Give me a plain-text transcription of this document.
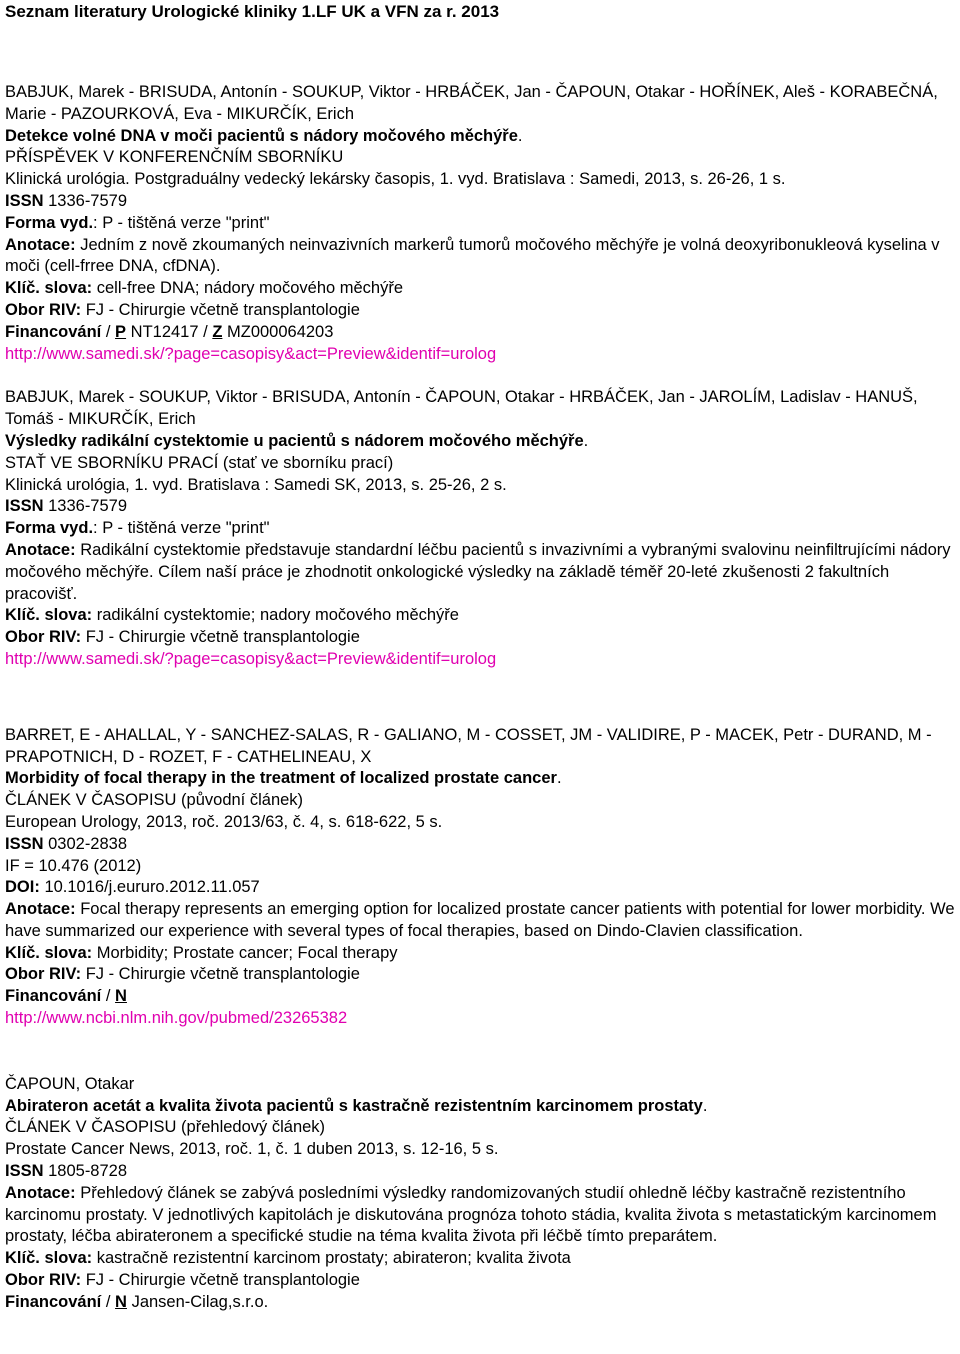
Seznam literatury Urologické kliniky 1.LF UK a VFN za r. 2013
BABJUK, Marek - BRISUDA, Antonín - SOUKUP, Viktor - HRBÁČEK, Jan - ČAPOUN, Otakar - HOŘÍNEK, Aleš - KORABEČNÁ, Marie - PAZOURKOVÁ, Eva - MIKURČÍK, Erich
Detekce volné DNA v moči pacientů s nádory močového měchýře.
PŘÍSPĚVEK V KONFERENČNÍM SBORNÍKU
Klinická urológia. Postgraduálny vedecký lekársky časopis, 1. vyd. Bratislava : Samedi, 2013, s. 26-26, 1 s.
ISSN 1336-7579
Forma vyd.: P - tištěná verze "print"
Anotace: Jedním z nově zkoumaných neinvazivních markerů tumorů močového měchýře je volná deoxyribonukleová kyselina v moči (cell-frree DNA, cfDNA).
Klíč. slova: cell-free DNA; nádory močového měchýře
Obor RIV: FJ - Chirurgie včetně transplantologie
Financování / P NT12417 / Z MZ000064203
http://www.samedi.sk/?page=casopisy&act=Preview&identif=urolog
BABJUK, Marek - SOUKUP, Viktor - BRISUDA, Antonín - ČAPOUN, Otakar - HRBÁČEK, Jan - JAROLÍM, Ladislav - HANUŠ, Tomáš - MIKURČÍK, Erich
Výsledky radikální cystektomie u pacientů s nádorem močového měchýře.
STAŤ VE SBORNÍKU PRACÍ (stať ve sborníku prací)
Klinická urológia, 1. vyd. Bratislava : Samedi SK, 2013, s. 25-26, 2 s.
ISSN 1336-7579
Forma vyd.: P - tištěná verze "print"
Anotace: Radikální cystektomie představuje standardní léčbu pacientů s invazivními a vybranými svalovinu neinfiltrujícími nádory močového měchýře. Cílem naší práce je zhodnotit onkologické výsledky na základě téměř 20-leté zkušenosti 2 fakultních pracovišť.
Klíč. slova: radikální cystektomie; nadory močového měchýře
Obor RIV: FJ - Chirurgie včetně transplantologie
http://www.samedi.sk/?page=casopisy&act=Preview&identif=urolog
BARRET, E - AHALLAL, Y - SANCHEZ-SALAS, R - GALIANO, M - COSSET, JM - VALIDIRE, P - MACEK, Petr - DURAND, M - PRAPOTNICH, D - ROZET, F - CATHELINEAU, X
Morbidity of focal therapy in the treatment of localized prostate cancer.
ČLÁNEK V ČASOPISU (původní článek)
European Urology, 2013, roč. 2013/63, č. 4, s. 618-622, 5 s.
ISSN 0302-2838
IF = 10.476 (2012)
DOI: 10.1016/j.eururo.2012.11.057
Anotace: Focal therapy represents an emerging option for localized prostate cancer patients with potential for lower morbidity. We have summarized our experience with several types of focal therapies, based on Dindo-Clavien classification.
Klíč. slova: Morbidity; Prostate cancer; Focal therapy
Obor RIV: FJ - Chirurgie včetně transplantologie
Financování / N
http://www.ncbi.nlm.nih.gov/pubmed/23265382
ČAPOUN, Otakar
Abirateron acetát a kvalita života pacientů s kastračně rezistentním karcinomem prostaty.
ČLÁNEK V ČASOPISU (přehledový článek)
Prostate Cancer News, 2013, roč. 1, č. 1 duben 2013, s. 12-16, 5 s.
ISSN 1805-8728
Anotace: Přehledový článek se zabývá posledními výsledky randomizovaných studií ohledně léčby kastračně rezistentního karcinomu prostaty. V jednotlivých kapitolách je diskutována prognóza tohoto stádia, kvalita života s metastatickým karcinomem prostaty, léčba abirateronem a specifické studie na téma kvalita života při léčbě tímto preparátem.
Klíč. slova: kastračně rezistentní karcinom prostaty; abirateron; kvalita života
Obor RIV: FJ - Chirurgie včetně transplantologie
Financování / N Jansen-Cilag,s.r.o.
